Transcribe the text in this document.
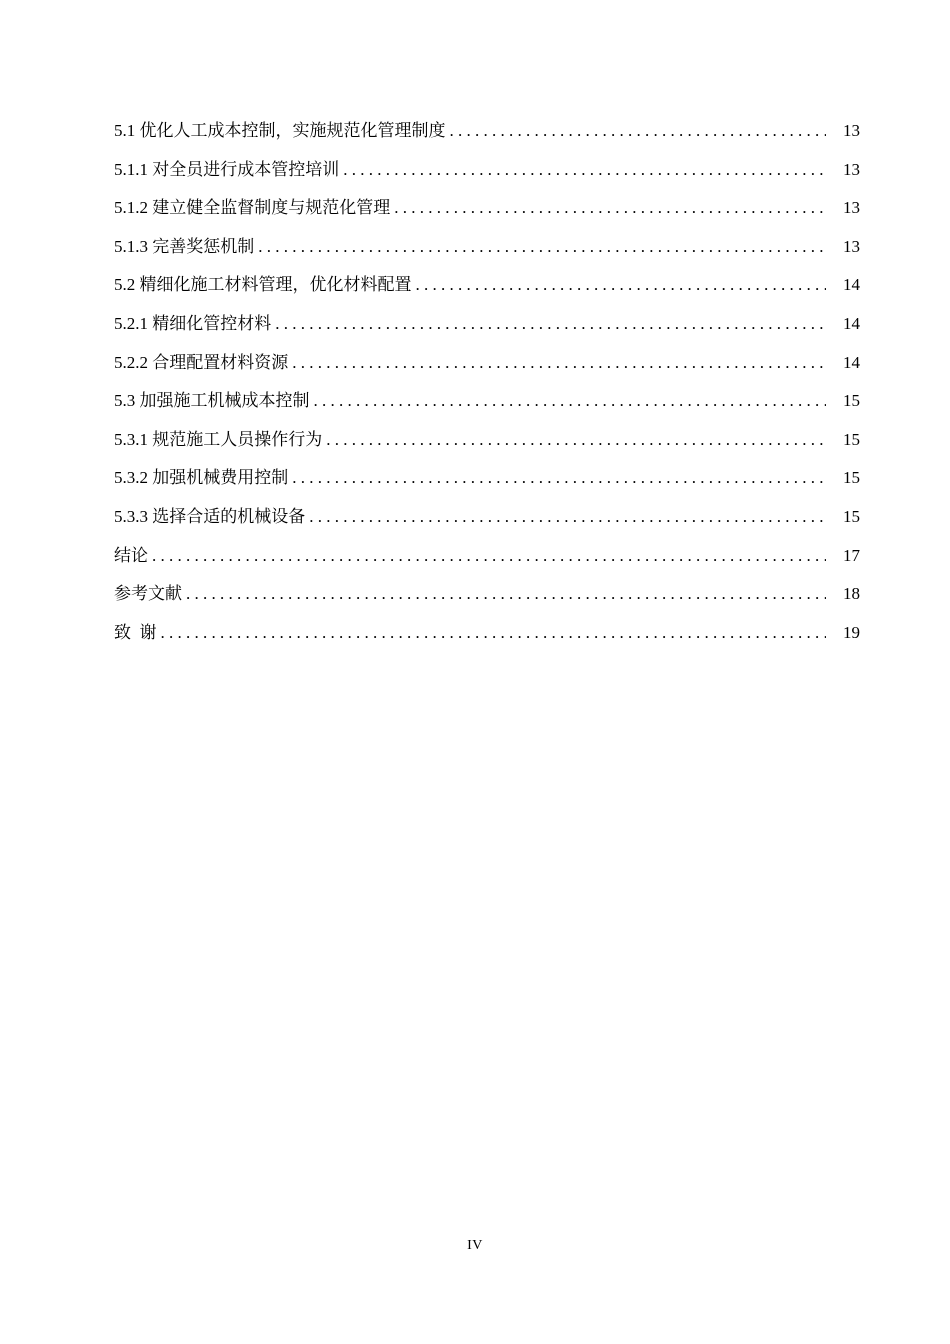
5.1 优化人工成本控制，实施规范化管理制度 . . .	13
5.1.1 对全员进行成本管控培训 . . .	13
5.1.2 建立健全监督制度与规范化管理 . . .	13
5.1.3 完善奖惩机制 . . .	13
5.2 精细化施工材料管理，优化材料配置 . . .	14
5.2.1 精细化管控材料 . . .	14
5.2.2 合理配置材料资源 . . .	14
5.3 加强施工机械成本控制 . . .	15
5.3.1 规范施工人员操作行为 . . .	15
5.3.2 加强机械费用控制 . . .	15
5.3.3 选择合适的机械设备 . . .	15
结论 . . .	17
参考文献 . . .	18
致  谢 . . .	19
IV
